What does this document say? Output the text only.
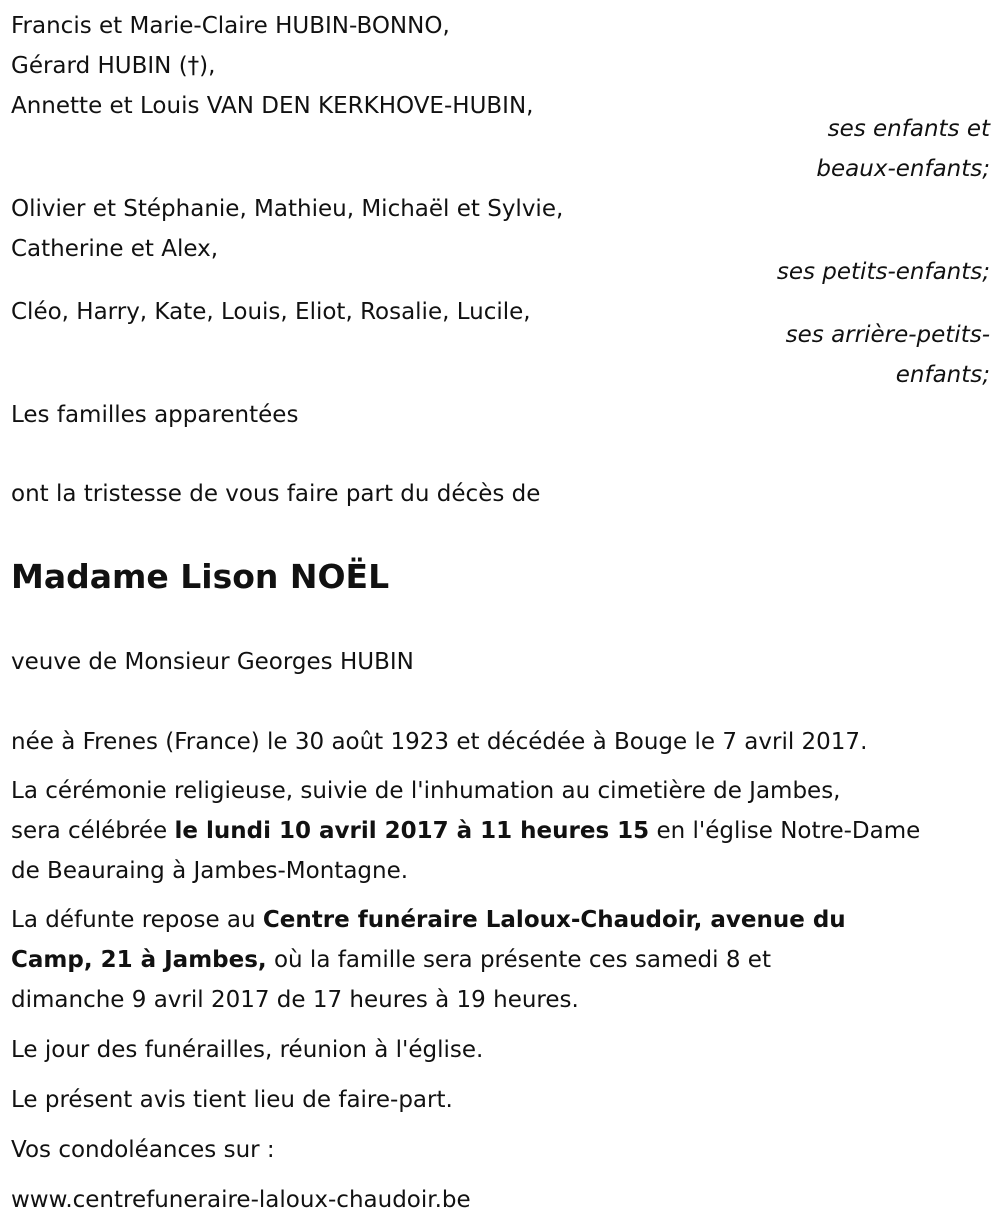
Francis et Marie-Claire HUBIN-BONNO,
Gérard HUBIN (†),
Annette et Louis VAN DEN KERKHOVE-HUBIN,
ses enfants et
beaux-enfants;
Olivier et Stéphanie, Mathieu, Michaël et Sylvie,
Catherine et Alex,
ses petits-enfants;
Cléo, Harry, Kate, Louis, Eliot, Rosalie, Lucile,
ses arrière-petits-
enfants;
Les familles apparentées
ont la tristesse de vous faire part du décès de
Madame Lison NOËL
veuve de Monsieur Georges HUBIN
née à Frenes (France) le 30 août 1923 et décédée à Bouge le 7 avril 2017.
La cérémonie religieuse, suivie de l'inhumation au cimetière de Jambes,
sera célébrée le lundi 10 avril 2017 à 11 heures 15 en l'église Notre-Dame
de Beauraing à Jambes-Montagne.
La défunte repose au Centre funéraire Laloux-Chaudoir, avenue du
Camp, 21 à Jambes, où la famille sera présente ces samedi 8 et
dimanche 9 avril 2017 de 17 heures à 19 heures.
Le jour des funérailles, réunion à l'église.
Le présent avis tient lieu de faire-part.
Vos condoléances sur :
www.centrefuneraire-laloux-chaudoir.be
